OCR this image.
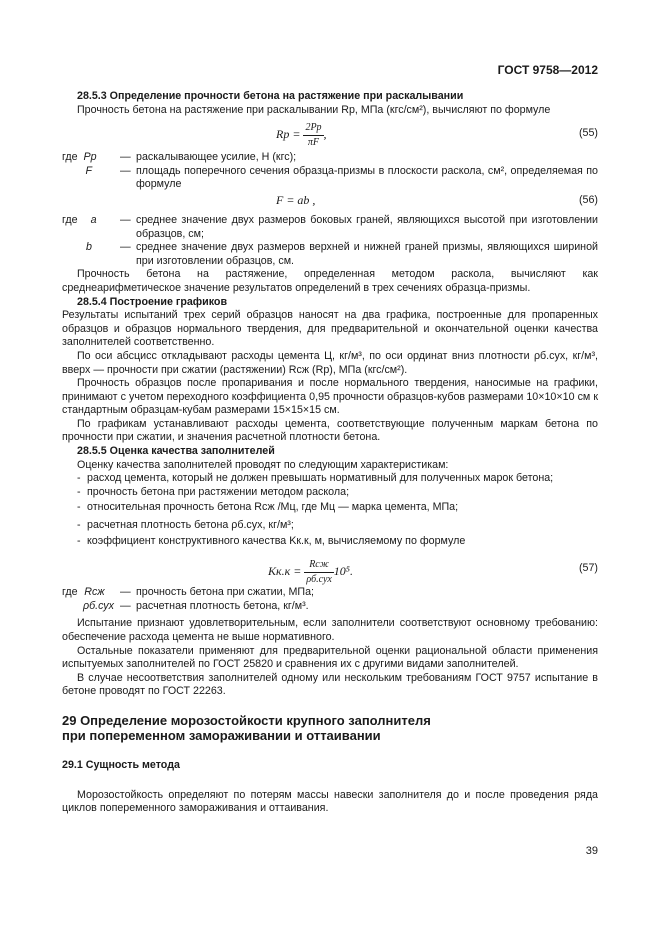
ГОСТ 9758—2012

28.5.3 Определение прочности бетона на растяжение при раскалывании

Прочность бетона на растяжение при раскалывании Rр, МПа (кгс/см²), вычисляют по формуле

Rр = $\frac{2Pр}{\pi F}$ ,	(55)
где Pр	— раскалывающее усилие, Н (кгс);
F	— площадь поперечного сечения образца-призмы в плоскости раскола, см², определяемая по формуле
F = ab ,	(56)
где a	— среднее значение двух размеров боковых граней, являющихся высотой при изготовлении образцов, см;
b	— среднее значение двух размеров верхней и нижней граней призмы, являющихся шириной при изготовлении образцов, см.

Прочность бетона на растяжение, определенная методом раскола, вычисляют как среднеарифметическое значение результатов определений в трех сечениях образца-призмы.

28.5.4 Построение графиков

Результаты испытаний трех серий образцов наносят на два графика, построенные для пропаренных образцов и образцов нормального твердения, для предварительной и окончательной оценки качества заполнителей соответственно.

По оси абсцисс откладывают расходы цемента Ц, кг/м³, по оси ординат вниз плотности ρб.сух, кг/м³, вверх — прочности при сжатии (растяжении) Rсж (Rр), МПа (кгс/см²).

Прочность образцов после пропаривания и после нормального твердения, наносимые на графики, принимают с учетом переходного коэффициента 0,95 прочности образцов-кубов размерами 10×10×10 см к стандартным образцам-кубам размерами 15×15×15 см.

По графикам устанавливают расходы цемента, соответствующие полученным маркам бетона по прочности при сжатии, и значения расчетной плотности бетона.

28.5.5 Оценка качества заполнителей

Оценку качества заполнителей проводят по следующим характеристикам:

- расход цемента, который не должен превышать нормативный для полученных марок бетона;
- прочность бетона при растяжении методом раскола;
- относительная прочность бетона Rсж /Мц, где Мц — марка цемента, МПа;
- расчетная плотность бетона ρб.сух, кг/м³;
- коэффициент конструктивного качества Kк.к, м, вычисляемому по формуле
$Kк.к = \frac{\text{Rсж}}{\text{ρб.сух}} 10^5$.	(57)
где Rсж	— прочность бетона при сжатии, МПа;
ρб.сух — расчетная плотность бетона, кг/м³.

Испытание признают удовлетворительным, если заполнители соответствуют основному требованию: обеспечение расхода цемента не выше нормативного.

Остальные показатели применяют для предварительной оценки рациональной области применения испытуемых заполнителей по ГОСТ 25820 и сравнения их с другими видами заполнителей.

В случае несоответствия заполнителей одному или нескольким требованиям ГОСТ 9757 испытание в бетоне проводят по ГОСТ 22263.

29 Определение морозостойкости крупного заполнителя
при попеременном замораживании и оттаивании

29.1 Сущность метода

Морозостойкость определяют по потерям массы навески заполнителя до и после проведения ряда циклов попеременного замораживания и оттаивания.

39
